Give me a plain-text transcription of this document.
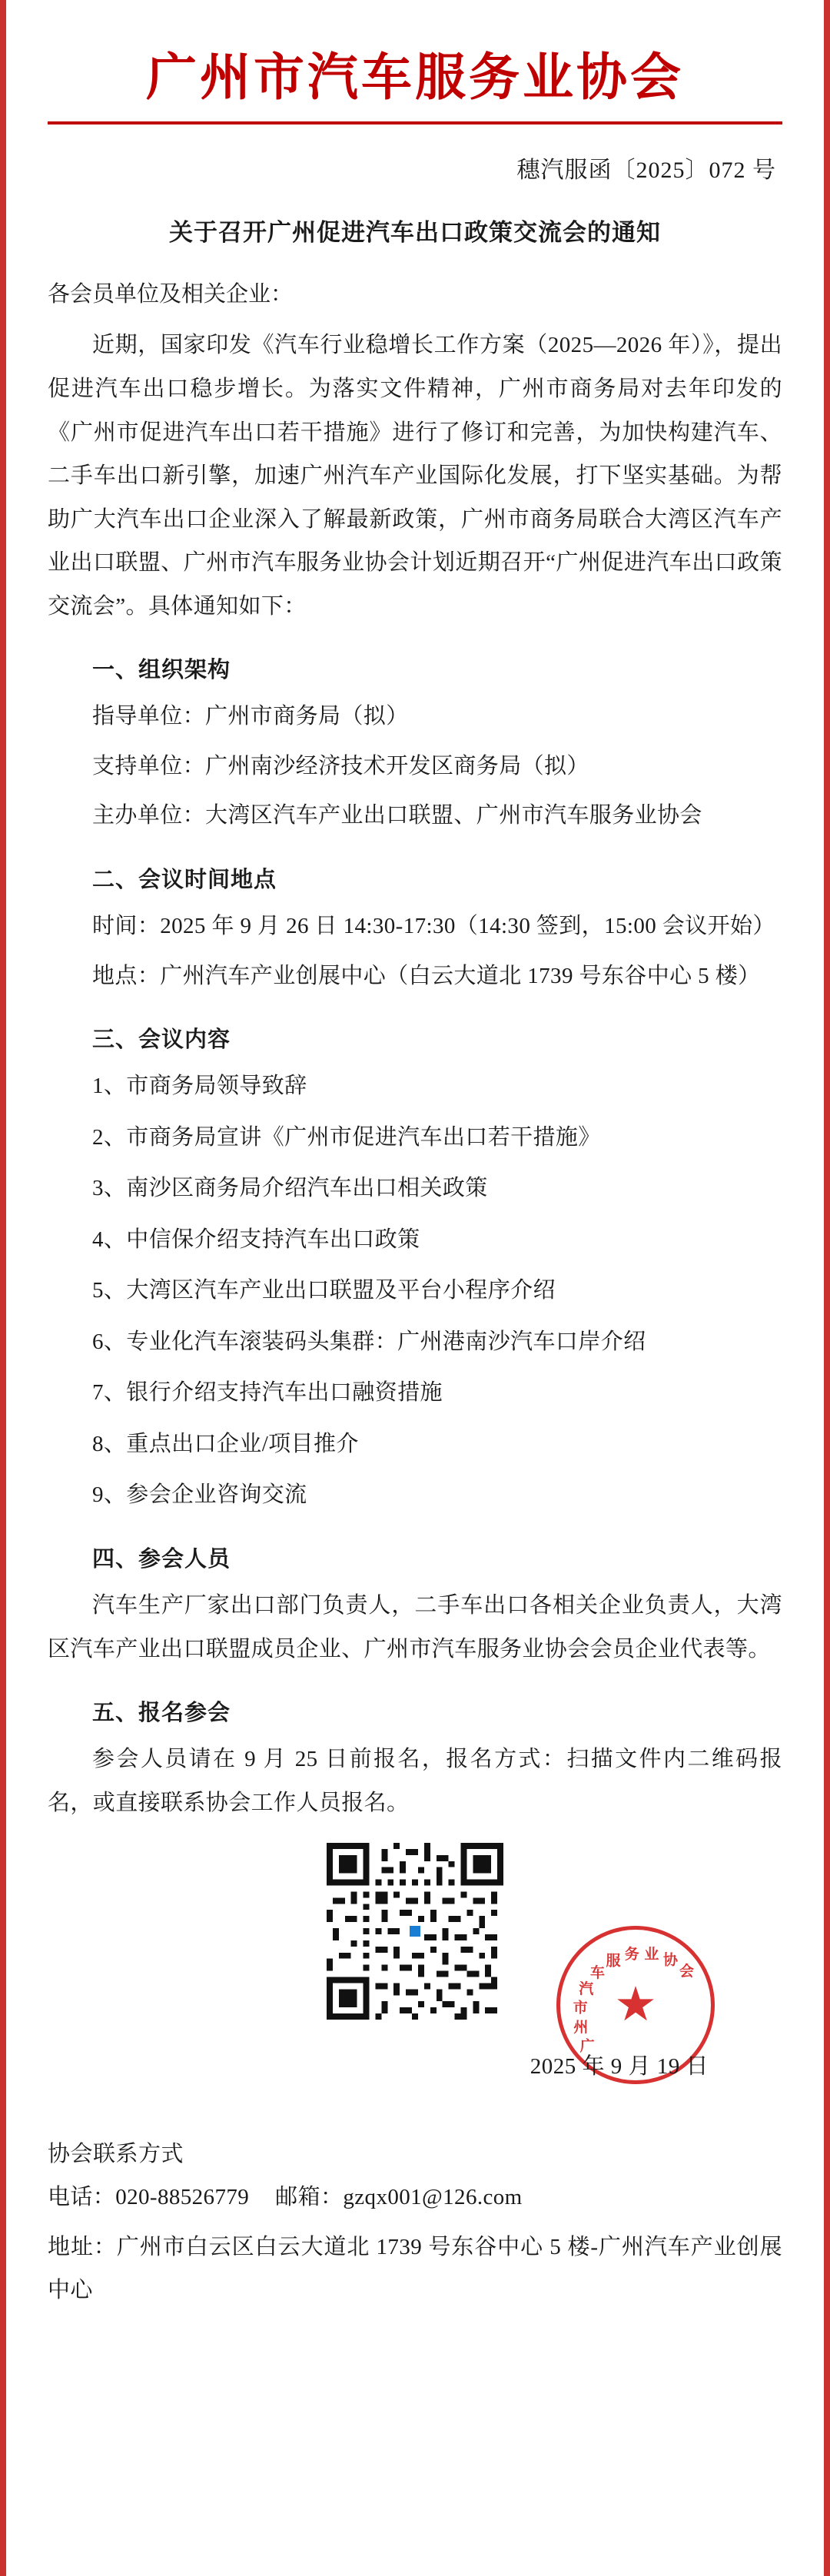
广州市汽车服务业协会
穗汽服函〔2025〕072 号
关于召开广州促进汽车出口政策交流会的通知
各会员单位及相关企业：

近期，国家印发《汽车行业稳增长工作方案（2025—2026 年）》，提出促进汽车出口稳步增长。为落实文件精神，广州市商务局对去年印发的《广州市促进汽车出口若干措施》进行了修订和完善，为加快构建汽车、二手车出口新引擎，加速广州汽车产业国际化发展，打下坚实基础。为帮助广大汽车出口企业深入了解最新政策，广州市商务局联合大湾区汽车产业出口联盟、广州市汽车服务业协会计划近期召开“广州促进汽车出口政策交流会”。具体通知如下：

一、组织架构

指导单位：广州市商务局（拟）

支持单位：广州南沙经济技术开发区商务局（拟）

主办单位：大湾区汽车产业出口联盟、广州市汽车服务业协会

二、会议时间地点

时间：2025 年 9 月 26 日 14:30-17:30（14:30 签到，15:00 会议开始）

地点：广州汽车产业创展中心（白云大道北 1739 号东谷中心 5 楼）

三、会议内容

1、市商务局领导致辞

2、市商务局宣讲《广州市促进汽车出口若干措施》

3、南沙区商务局介绍汽车出口相关政策

4、中信保介绍支持汽车出口政策

5、大湾区汽车产业出口联盟及平台小程序介绍

6、专业化汽车滚装码头集群：广州港南沙汽车口岸介绍

7、银行介绍支持汽车出口融资措施

8、重点出口企业/项目推介

9、参会企业咨询交流

四、参会人员

汽车生产厂家出口部门负责人，二手车出口各相关企业负责人，大湾区汽车产业出口联盟成员企业、广州市汽车服务业协会会员企业代表等。

五、报名参会

参会人员请在 9 月 25 日前报名，报名方式：扫描文件内二维码报名，或直接联系协会工作人员报名。

★
广
州
市
汽
车
服 务 业 协
会
2025 年 9 月 19 日
协会联系方式

电话：020-88526779 邮箱：gzqx001@126.com

地址：广州市白云区白云大道北 1739 号东谷中心 5 楼-广州汽车产业创展中心
